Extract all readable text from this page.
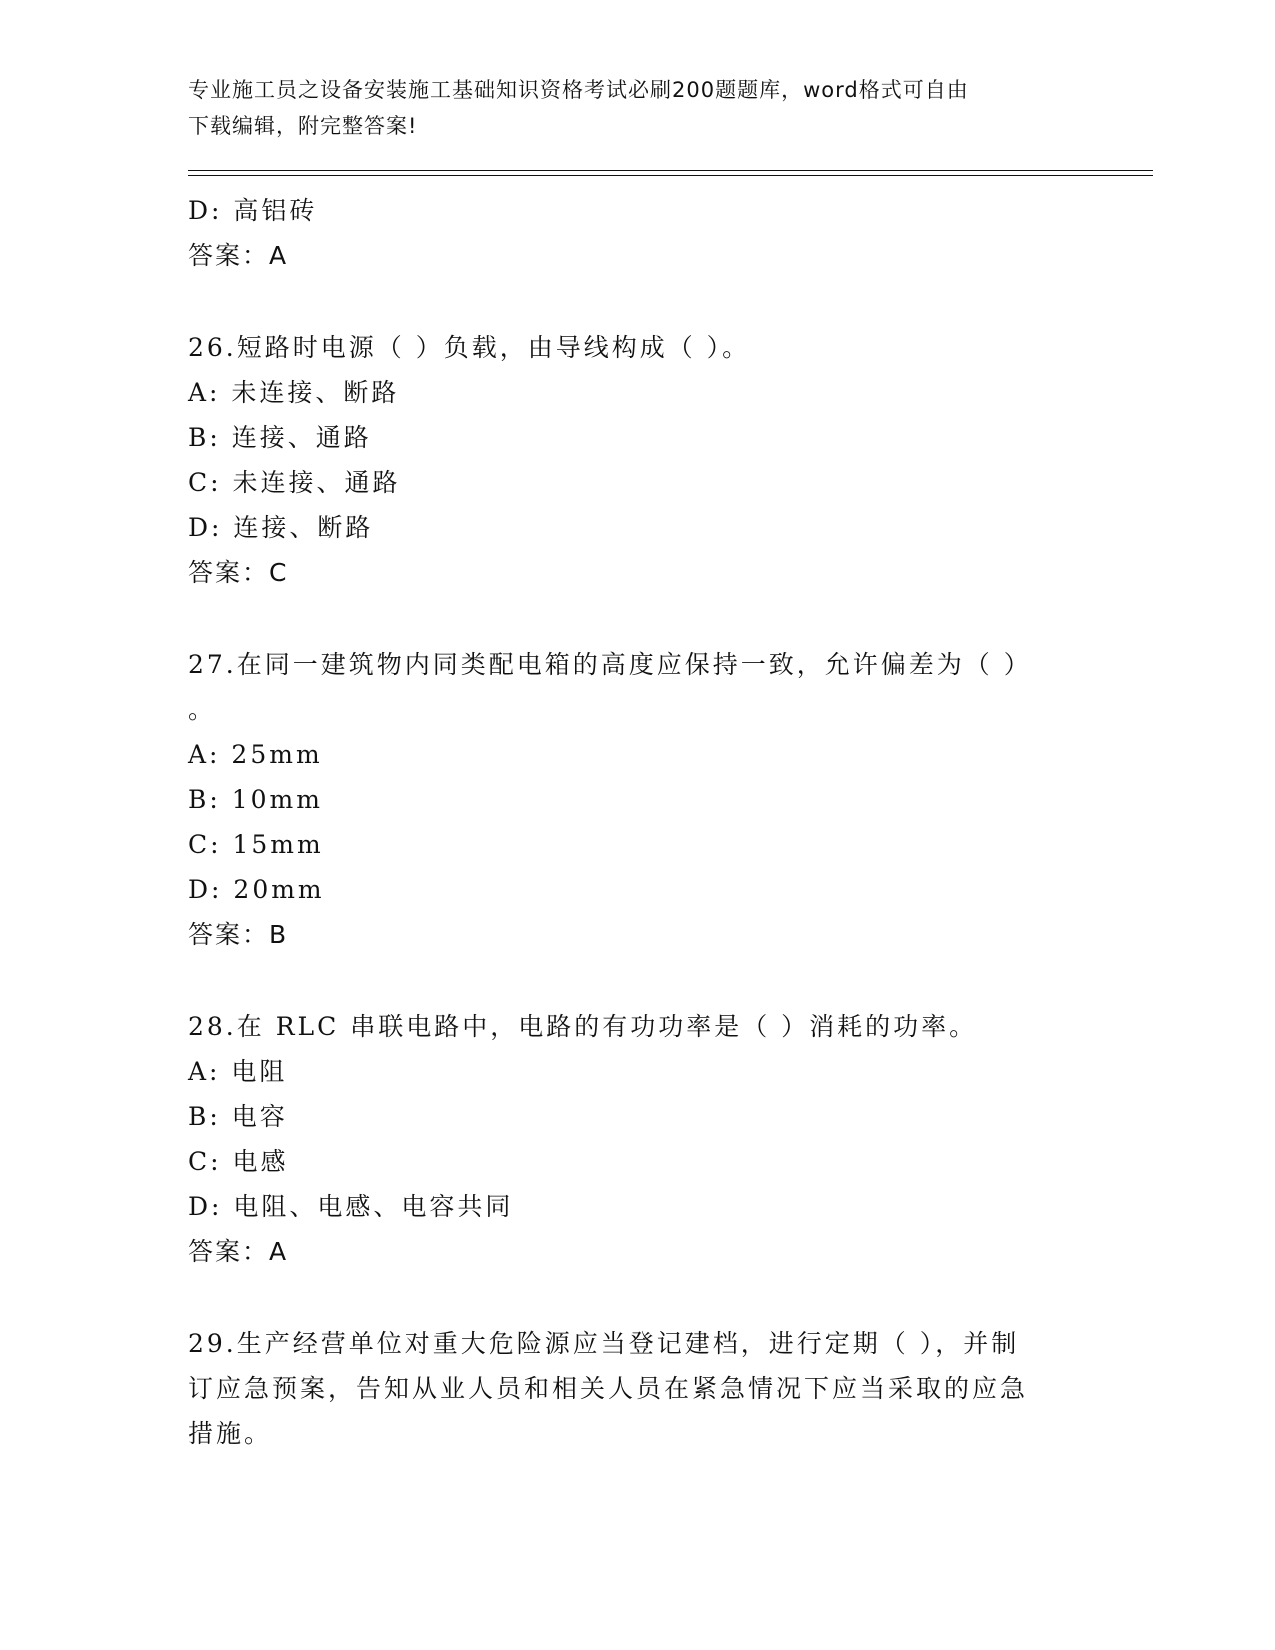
专业施工员之设备安装施工基础知识资格考试必刷200题题库，word格式可自由
下载编辑，附完整答案!
D: 高铝砖
答案：A
26.短路时电源（ ）负载，由导线构成（ ）。
A: 未连接、断路
B: 连接、通路
C: 未连接、通路
D: 连接、断路
答案：C
27.在同一建筑物内同类配电箱的高度应保持一致，允许偏差为（ ）
。
A: 25mm
B: 10mm
C: 15mm
D: 20mm
答案：B
28.在 RLC 串联电路中，电路的有功功率是（ ）消耗的功率。
A: 电阻
B: 电容
C: 电感
D: 电阻、电感、电容共同
答案：A
29.生产经营单位对重大危险源应当登记建档，进行定期（ ），并制
订应急预案，告知从业人员和相关人员在紧急情况下应当采取的应急
措施。
